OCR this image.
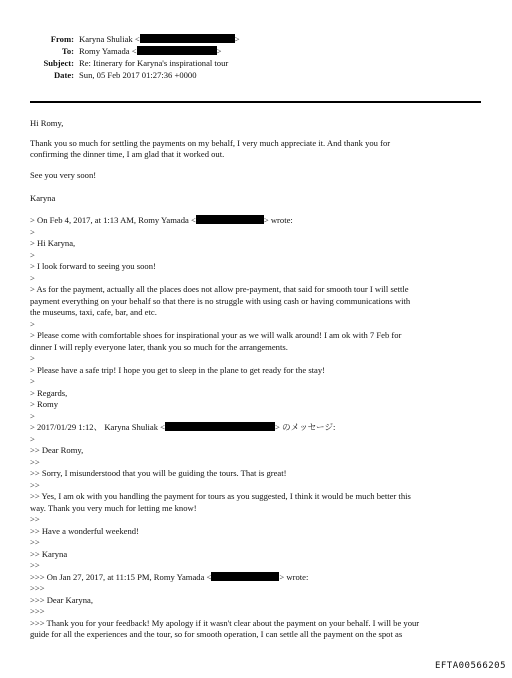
From: Karyna Shuliak <	>
To: Romy Yamada <	>
Subject: Re: Itinerary for Karyna's inspirational tour
Date: Sun, 05 Feb 2017 01:27:36 +0000
Hi Romy,
Thank you so much for settling the payments on my behalf, I very much appreciate it. And thank you for
confirming the dinner time, I am glad that it worked out.
See you very soon!
Karyna
> On Feb 4, 2017, at 1:13 AM, Romy Yamada <	> wrote:
>
> Hi Karyna,
>
> I look forward to seeing you soon!
>
> As for the payment, actually all the places does not allow pre-payment, that said for smooth tour I will settle
payment everything on your behalf so that there is no struggle with using cash or having communications with
the museums, taxi, cafe, bar, and etc.
>
> Please come with comfortable shoes for inspirational your as we will walk around! I am ok with 7 Feb for
dinner I will reply everyone later, thank you so much for the arrangements.
>
> Please have a safe trip! I hope you get to sleep in the plane to get ready for the stay!
>
> Regards,
> Romy
>
> 2017/01/29 1:12、 Karyna Shuliak <	> のメッセージ:
>
>> Dear Romy,
>>
>> Sorry, I misunderstood that you will be guiding the tours. That is great!
>>
>> Yes, I am ok with you handling the payment for tours as you suggested, I think it would be much better this
way. Thank you very much for letting me know!
>>
>> Have a wonderful weekend!
>>
>> Karyna
>>
>>> On Jan 27, 2017, at 11:15 PM, Romy Yamada <	> wrote:
>>>
>>> Dear Karyna,
>>>
>>> Thank you for your feedback! My apology if it wasn't clear about the payment on your behalf. I will be your
guide for all the experiences and the tour, so for smooth operation, I can settle all the payment on the spot as
EFTA00566205
